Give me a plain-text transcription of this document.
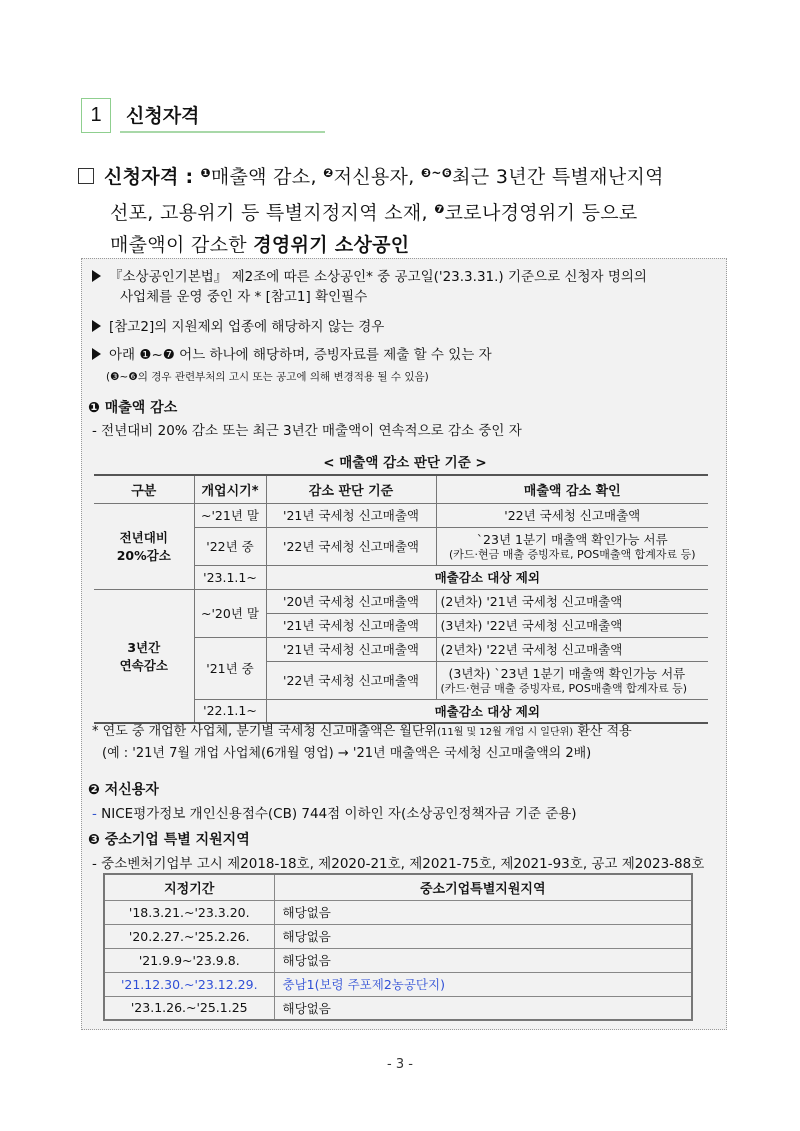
1	신청자격
신청자격 : $^❶$매출액 감소, $^❷$저신용자, $^{❸\sim ❻}$최근 3년간 특별재난지역
선포, 고용위기 등 특별지정지역 소재, $^❼$코로나경영위기 등으로
매출액이 감소한 경영위기 소상공인
『소상공인기본법』 제2조에 따른 소상공인* 중 공고일('23.3.31.) 기준으로 신청자 명의의
사업체를 운영 중인 자 * [참고1] 확인필수
[참고2]의 지원제외 업종에 해당하지 않는 경우
아래 ❶~❼ 어느 하나에 해당하며, 증빙자료를 제출 할 수 있는 자
(❸~❻의 경우 관련부처의 고시 또는 공고에 의해 변경적용 될 수 있음)
❶ 매출액 감소
- 전년대비 20% 감소 또는 최근 3년간 매출액이 연속적으로 감소 중인 자
< 매출액 감소 판단 기준 >
구분	개업시기*	감소 판단 기준	매출액 감소 확인

전년대비
20%감소	~'21년 말	'21년 국세청 신고매출액	'22년 국세청 신고매출액
	'22년 중	'22년 국세청 신고매출액	`23년 1분기 매출액 확인가능 서류
(카드·현금 매출 증빙자료, POS매출액 합계자료 등)

	'23.1.1~	매출감소 대상 제외	

3년간
연속감소	~'20년 말	'20년 국세청 신고매출액	(2년차) '21년 국세청 신고매출액
		'21년 국세청 신고매출액	(3년차) '22년 국세청 신고매출액
	'21년 중	'21년 국세청 신고매출액	(2년차) '22년 국세청 신고매출액
		'22년 국세청 신고매출액	(3년차) `23년 1분기 매출액 확인가능 서류
(카드·현금 매출 증빙자료, POS매출액 합계자료 등)

	'22.1.1~	매출감소 대상 제외	
* 연도 중 개업한 사업체, 분기별 국세청 신고매출액은 월단위(11월 및 12월 개업 시 일단위) 환산 적용
(예 : '21년 7월 개업 사업체(6개월 영업) → '21년 매출액은 국세청 신고매출액의 2배)
❷ 저신용자
- NICE평가정보 개인신용점수(CB) 744점 이하인 자(소상공인정책자금 기준 준용)
❸ 중소기업 특별 지원지역
- 중소벤처기업부 고시 제2018-18호, 제2020-21호, 제2021-75호, 제2021-93호, 공고 제2023-88호
지정기간	중소기업특별지원지역
'18.3.21.~'23.3.20.	해당없음
'20.2.27.~'25.2.26.	해당없음
'21.9.9~'23.9.8.	해당없음
'21.12.30.~'23.12.29.	충남1(보령 주포제2농공단지)
'23.1.26.~'25.1.25	해당없음
- 3 -
